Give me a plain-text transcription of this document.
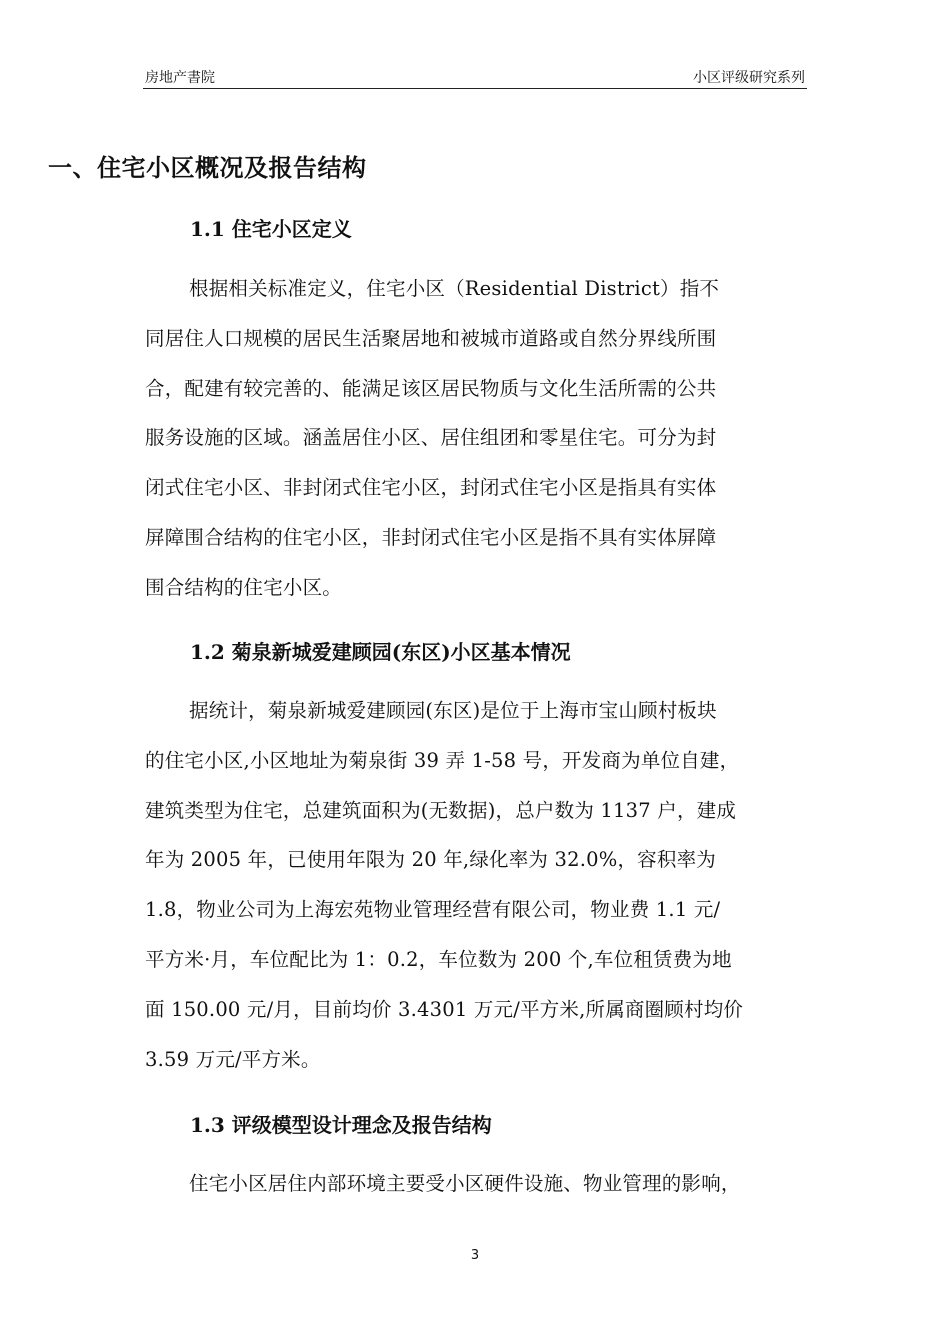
房地产書院	小区评级研究系列
一、住宅小区概况及报告结构
1.1 住宅小区定义
根据相关标准定义，住宅小区（Residential District）指不
同居住人口规模的居民生活聚居地和被城市道路或自然分界线所围
合，配建有较完善的、能满足该区居民物质与文化生活所需的公共
服务设施的区域。涵盖居住小区、居住组团和零星住宅。可分为封
闭式住宅小区、非封闭式住宅小区，封闭式住宅小区是指具有实体
屏障围合结构的住宅小区，非封闭式住宅小区是指不具有实体屏障
围合结构的住宅小区。
1.2 菊泉新城爱建顾园(东区)小区基本情况
据统计，菊泉新城爱建顾园(东区)是位于上海市宝山顾村板块
的住宅小区,小区地址为菊泉街 39 弄 1-58 号，开发商为单位自建，
建筑类型为住宅，总建筑面积为(无数据)，总户数为 1137 户，建成
年为 2005 年，已使用年限为 20 年,绿化率为 32.0%，容积率为
1.8，物业公司为上海宏苑物业管理经营有限公司，物业费 1.1 元/
平方米·月，车位配比为 1：0.2，车位数为 200 个,车位租赁费为地
面 150.00 元/月，目前均价 3.4301 万元/平方米,所属商圈顾村均价
3.59 万元/平方米。
1.3 评级模型设计理念及报告结构
住宅小区居住内部环境主要受小区硬件设施、物业管理的影响，
3
